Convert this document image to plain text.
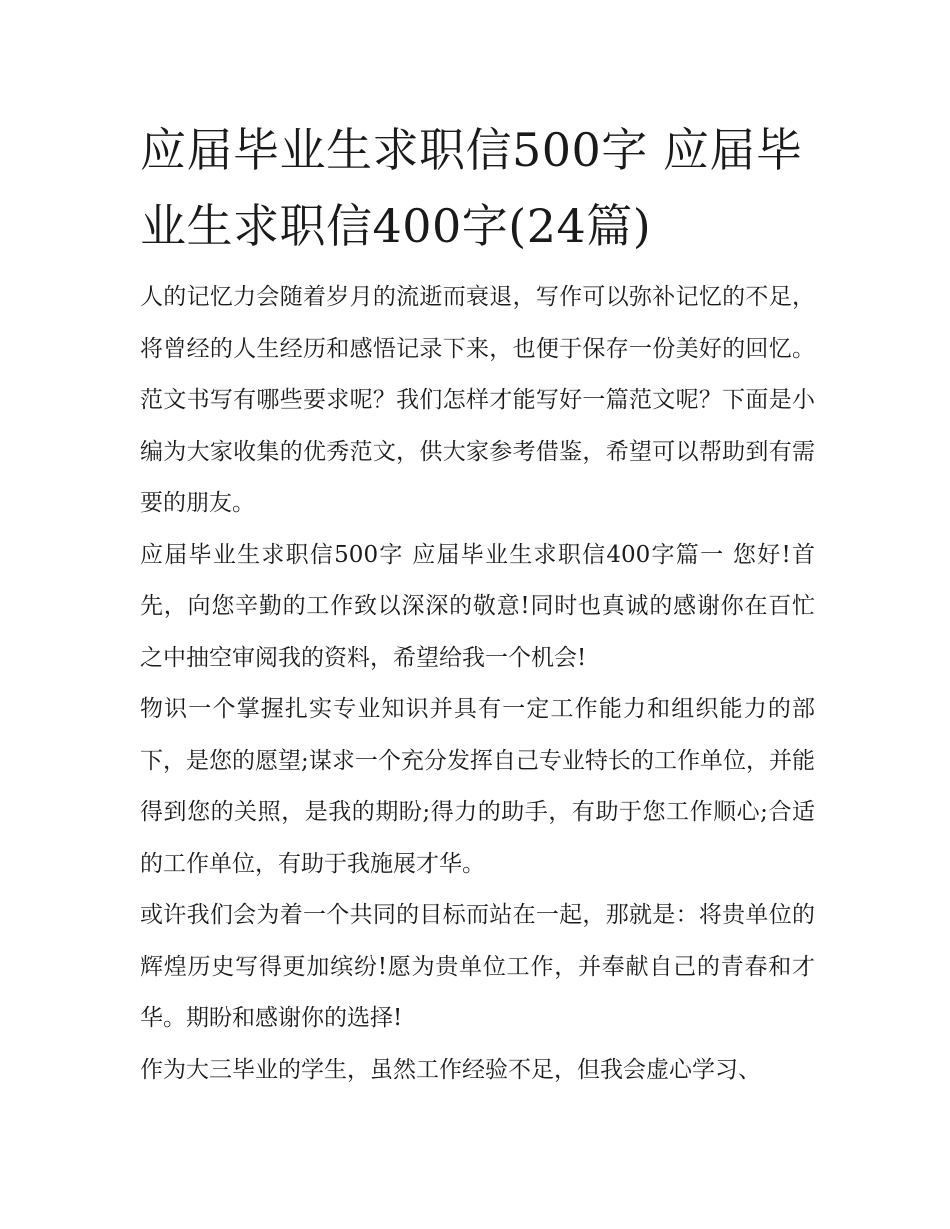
应届毕业生求职信500字 应届毕业生求职信400字(24篇)

人的记忆力会随着岁月的流逝而衰退，写作可以弥补记忆的不足，将曾经的人生经历和感悟记录下来，也便于保存一份美好的回忆。范文书写有哪些要求呢？我们怎样才能写好一篇范文呢？下面是小编为大家收集的优秀范文，供大家参考借鉴，希望可以帮助到有需要的朋友。

应届毕业生求职信500字 应届毕业生求职信400字篇一 您好!首先，向您辛勤的工作致以深深的敬意!同时也真诚的感谢你在百忙之中抽空审阅我的资料，希望给我一个机会!

物识一个掌握扎实专业知识并具有一定工作能力和组织能力的部下，是您的愿望;谋求一个充分发挥自己专业特长的工作单位，并能得到您的关照，是我的期盼;得力的助手，有助于您工作顺心;合适的工作单位，有助于我施展才华。

或许我们会为着一个共同的目标而站在一起，那就是：将贵单位的辉煌历史写得更加缤纷!愿为贵单位工作，并奉献自己的青春和才华。期盼和感谢你的选择!

作为大三毕业的学生，虽然工作经验不足，但我会虚心学习、
